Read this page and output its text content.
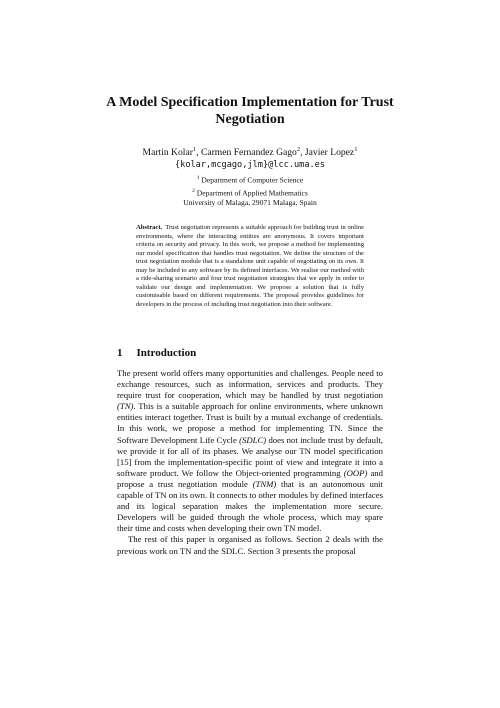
A Model Specification Implementation for Trust Negotiation
Martin Kolar$^1$, Carmen Fernandez Gago$^2$, Javier Lopez$^1$
{kolar,mcgago,jlm}@lcc.uma.es
$^1$ Department of Computer Science
$^2$ Department of Applied Mathematics
University of Malaga, 29071 Malaga, Spain

Abstract. Trust negotiation represents a suitable approach for building trust in online environments, where the interacting entities are anonymous. It covers important criteria on security and privacy. In this work, we propose a method for implementing our model specification that handles trust negotiation. We define the structure of the trust negotiation module that is a standalone unit capable of negotiating on its own. It may be included to any software by its defined interfaces. We realise our method with a ride-sharing scenario and four trust negotiation strategies that we apply in order to validate our design and implementation. We propose a solution that is fully customisable based on different requirements. The proposal provides guidelines for developers in the process of including trust negotiation into their software.

1 Introduction

The present world offers many opportunities and challenges. People need to exchange resources, such as information, services and products. They require trust for cooperation, which may be handled by trust negotiation (TN). This is a suitable approach for online environments, where unknown entities interact together. Trust is built by a mutual exchange of credentials. In this work, we propose a method for implementing TN. Since the Software Development Life Cycle (SDLC) does not include trust by default, we provide it for all of its phases. We analyse our TN model specification [15] from the implementation-specific point of view and integrate it into a software product. We follow the Object-oriented programming (OOP) and propose a trust negotiation module (TNM) that is an autonomous unit capable of TN on its own. It connects to other modules by defined interfaces and its logical separation makes the implementation more secure. Developers will be guided through the whole process, which may spare their time and costs when developing their own TN model.

The rest of this paper is organised as follows. Section 2 deals with the previous work on TN and the SDLC. Section 3 presents the proposal
